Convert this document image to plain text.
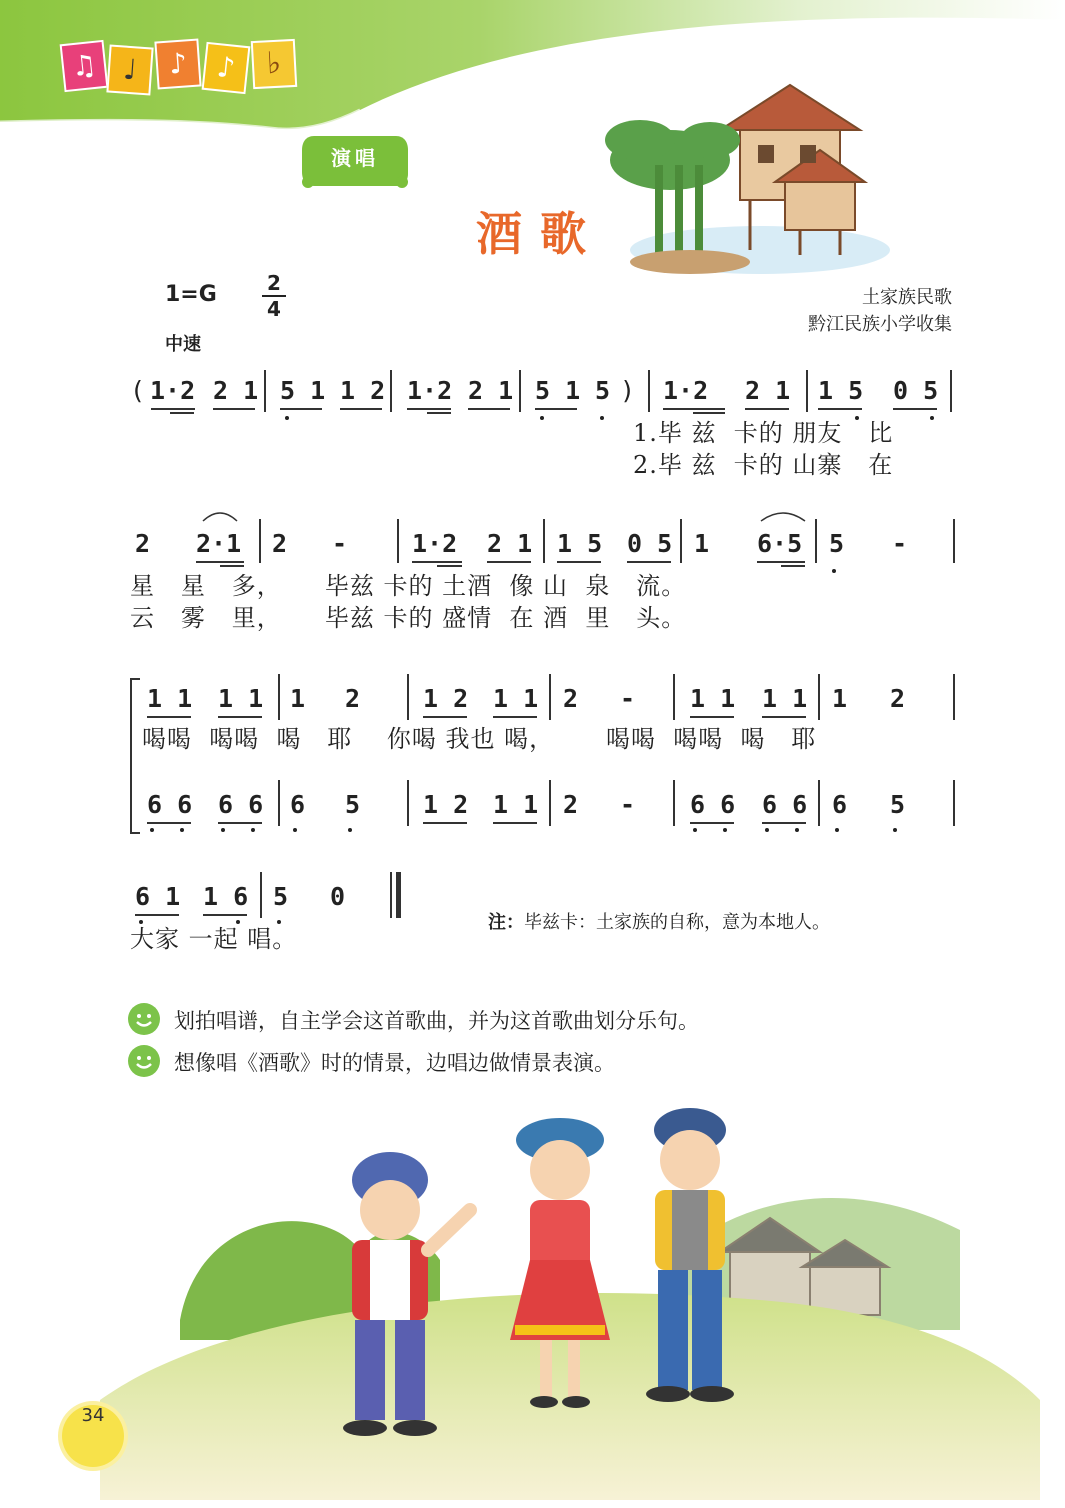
♫ ♩	♪ ♪ ♭
演唱
酒歌
1=G	2
4
中速
土家族民歌
黔江民族小学收集
( 1·2 2 1 5 1 1 2 1·2 2 1 5 1 5 ) 1·2 2 1 1 5 0 5
1.毕 兹  卡的 朋友   比
2.毕 兹  卡的 山寨   在
2 2·1 2 -	1·2 2 1 1 5 0 5 1 6·5 5 -
星   星   多，     毕兹 卡的 土酒  像 山  泉   流。
云   雾   里，     毕兹 卡的 盛情  在 酒  里   头。
1 1 1 1 1 2	1 2 1 1 2 - 1 1 1 1 1 2
喝喝  喝喝  喝   耶    你喝 我也 喝，      喝喝  喝喝  喝   耶
6 6 6 6 6 5	1 2 1 1 2 - 6 6 6 6 6 5
6 1 1 6 5 0
大家 一起 唱。
注：毕兹卡：土家族的自称，意为本地人。
划拍唱谱，自主学会这首歌曲，并为这首歌曲划分乐句。
想像唱《酒歌》时的情景，边唱边做情景表演。
34
